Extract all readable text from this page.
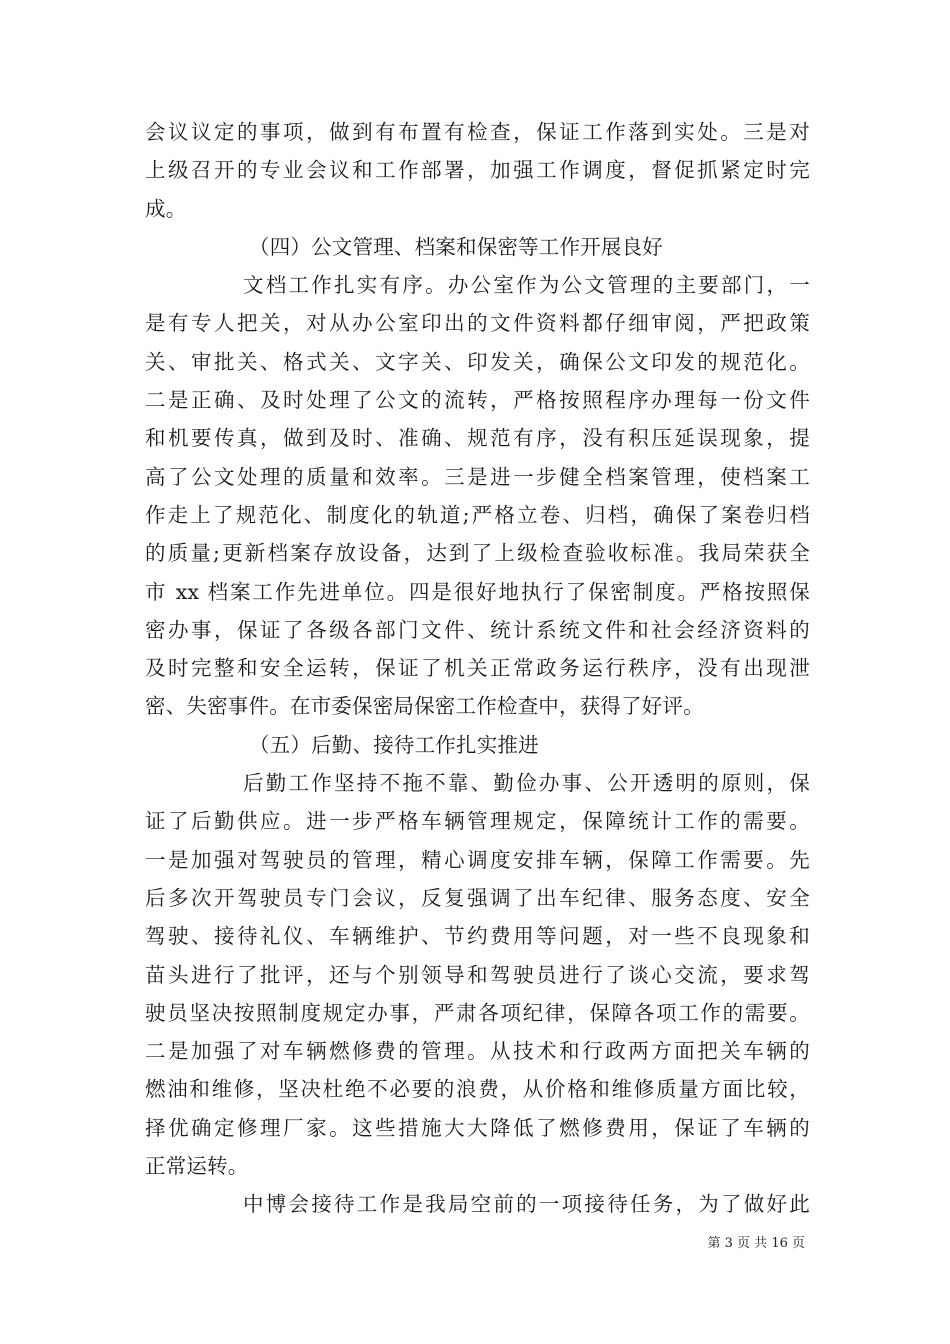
会议议定的事项，做到有布置有检查，保证工作落到实处。三是对
上级召开的专业会议和工作部署，加强工作调度，督促抓紧定时完
成。
（四）公文管理、档案和保密等工作开展良好
文档工作扎实有序。办公室作为公文管理的主要部门，一
是有专人把关，对从办公室印出的文件资料都仔细审阅，严把政策
关、审批关、格式关、文字关、印发关，确保公文印发的规范化。
二是正确、及时处理了公文的流转，严格按照程序办理每一份文件
和机要传真，做到及时、准确、规范有序，没有积压延误现象，提
高了公文处理的质量和效率。三是进一步健全档案管理，使档案工
作走上了规范化、制度化的轨道;严格立卷、归档，确保了案卷归档
的质量;更新档案存放设备，达到了上级检查验收标准。我局荣获全
市 xx 档案工作先进单位。四是很好地执行了保密制度。严格按照保
密办事，保证了各级各部门文件、统计系统文件和社会经济资料的
及时完整和安全运转，保证了机关正常政务运行秩序，没有出现泄
密、失密事件。在市委保密局保密工作检查中，获得了好评。
（五）后勤、接待工作扎实推进
后勤工作坚持不拖不靠、勤俭办事、公开透明的原则，保
证了后勤供应。进一步严格车辆管理规定，保障统计工作的需要。
一是加强对驾驶员的管理，精心调度安排车辆，保障工作需要。先
后多次开驾驶员专门会议，反复强调了出车纪律、服务态度、安全
驾驶、接待礼仪、车辆维护、节约费用等问题，对一些不良现象和
苗头进行了批评，还与个别领导和驾驶员进行了谈心交流，要求驾
驶员坚决按照制度规定办事，严肃各项纪律，保障各项工作的需要。
二是加强了对车辆燃修费的管理。从技术和行政两方面把关车辆的
燃油和维修，坚决杜绝不必要的浪费，从价格和维修质量方面比较，
择优确定修理厂家。这些措施大大降低了燃修费用，保证了车辆的
正常运转。
中博会接待工作是我局空前的一项接待任务，为了做好此
第 3 页 共 16 页
